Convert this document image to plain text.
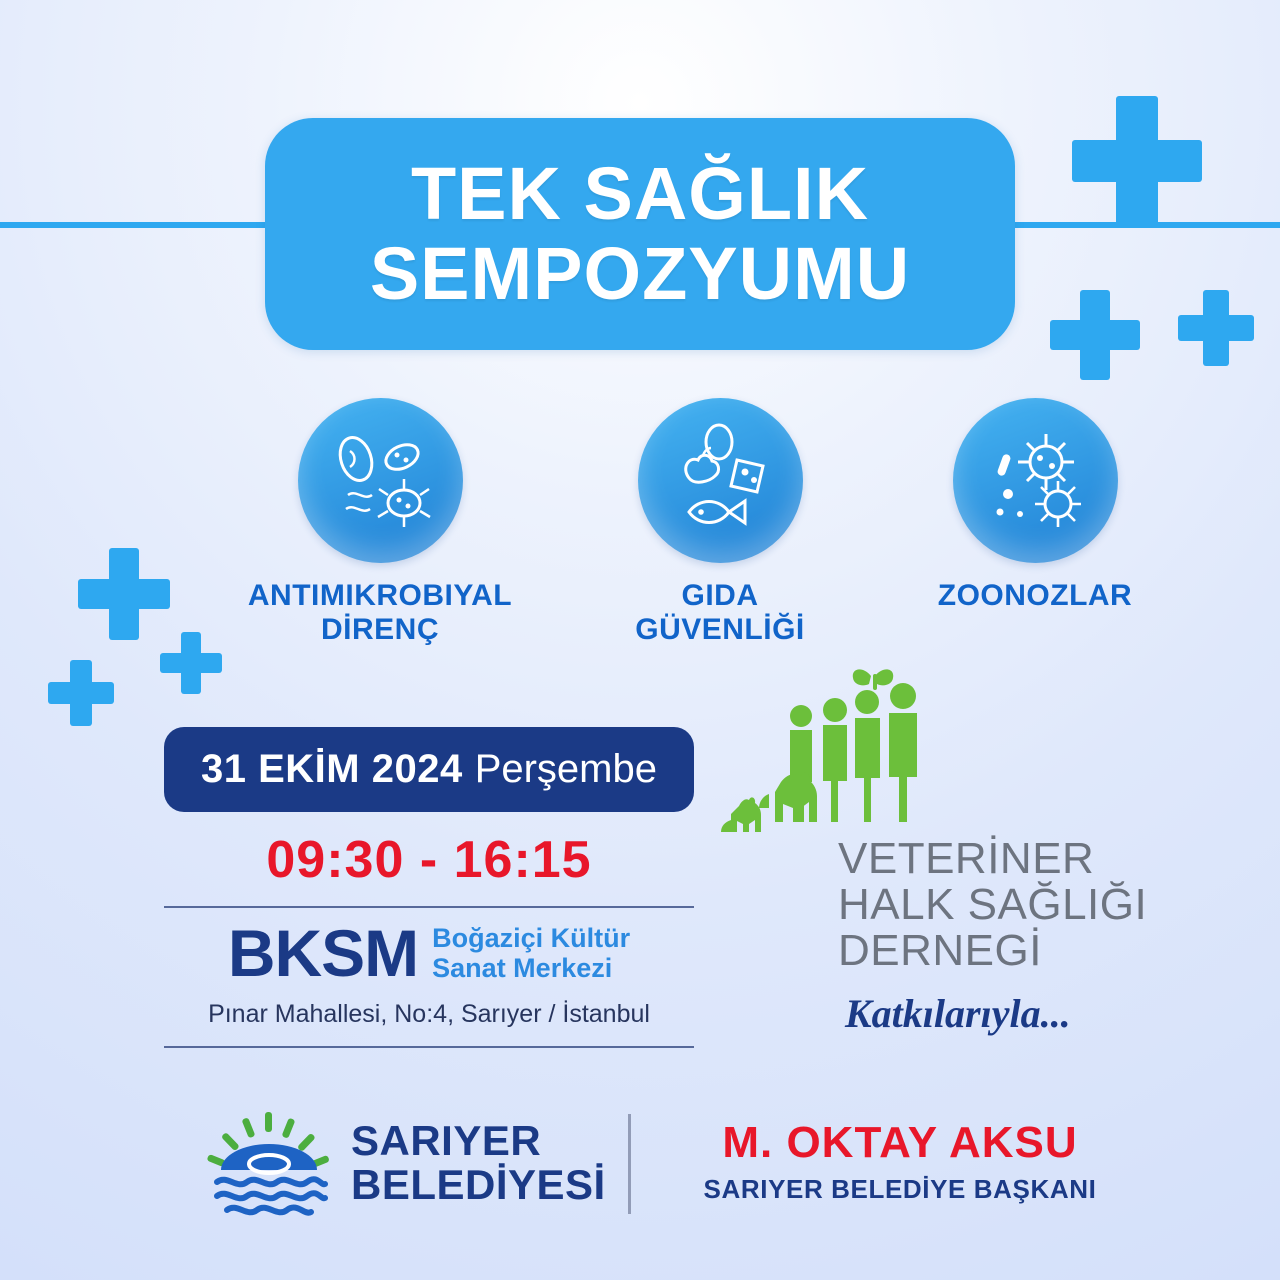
TEK SAĞLIK
SEMPOZYUMU
ANTIMIKROBIYAL
DİRENÇ
GIDA
GÜVENLİĞİ
ZOONOZLAR
31 EKİM 2024 Perşembe
09:30 - 16:15
BKSM Boğaziçi Kültür
Sanat Merkezi
Pınar Mahallesi, No:4, Sarıyer / İstanbul
VETERİNER
HALK SAĞLIĞI
DERNEGİ
Katkılarıyla...
SARIYER
BELEDİYESİ
M. OKTAY AKSU
SARIYER BELEDİYE BAŞKANI
